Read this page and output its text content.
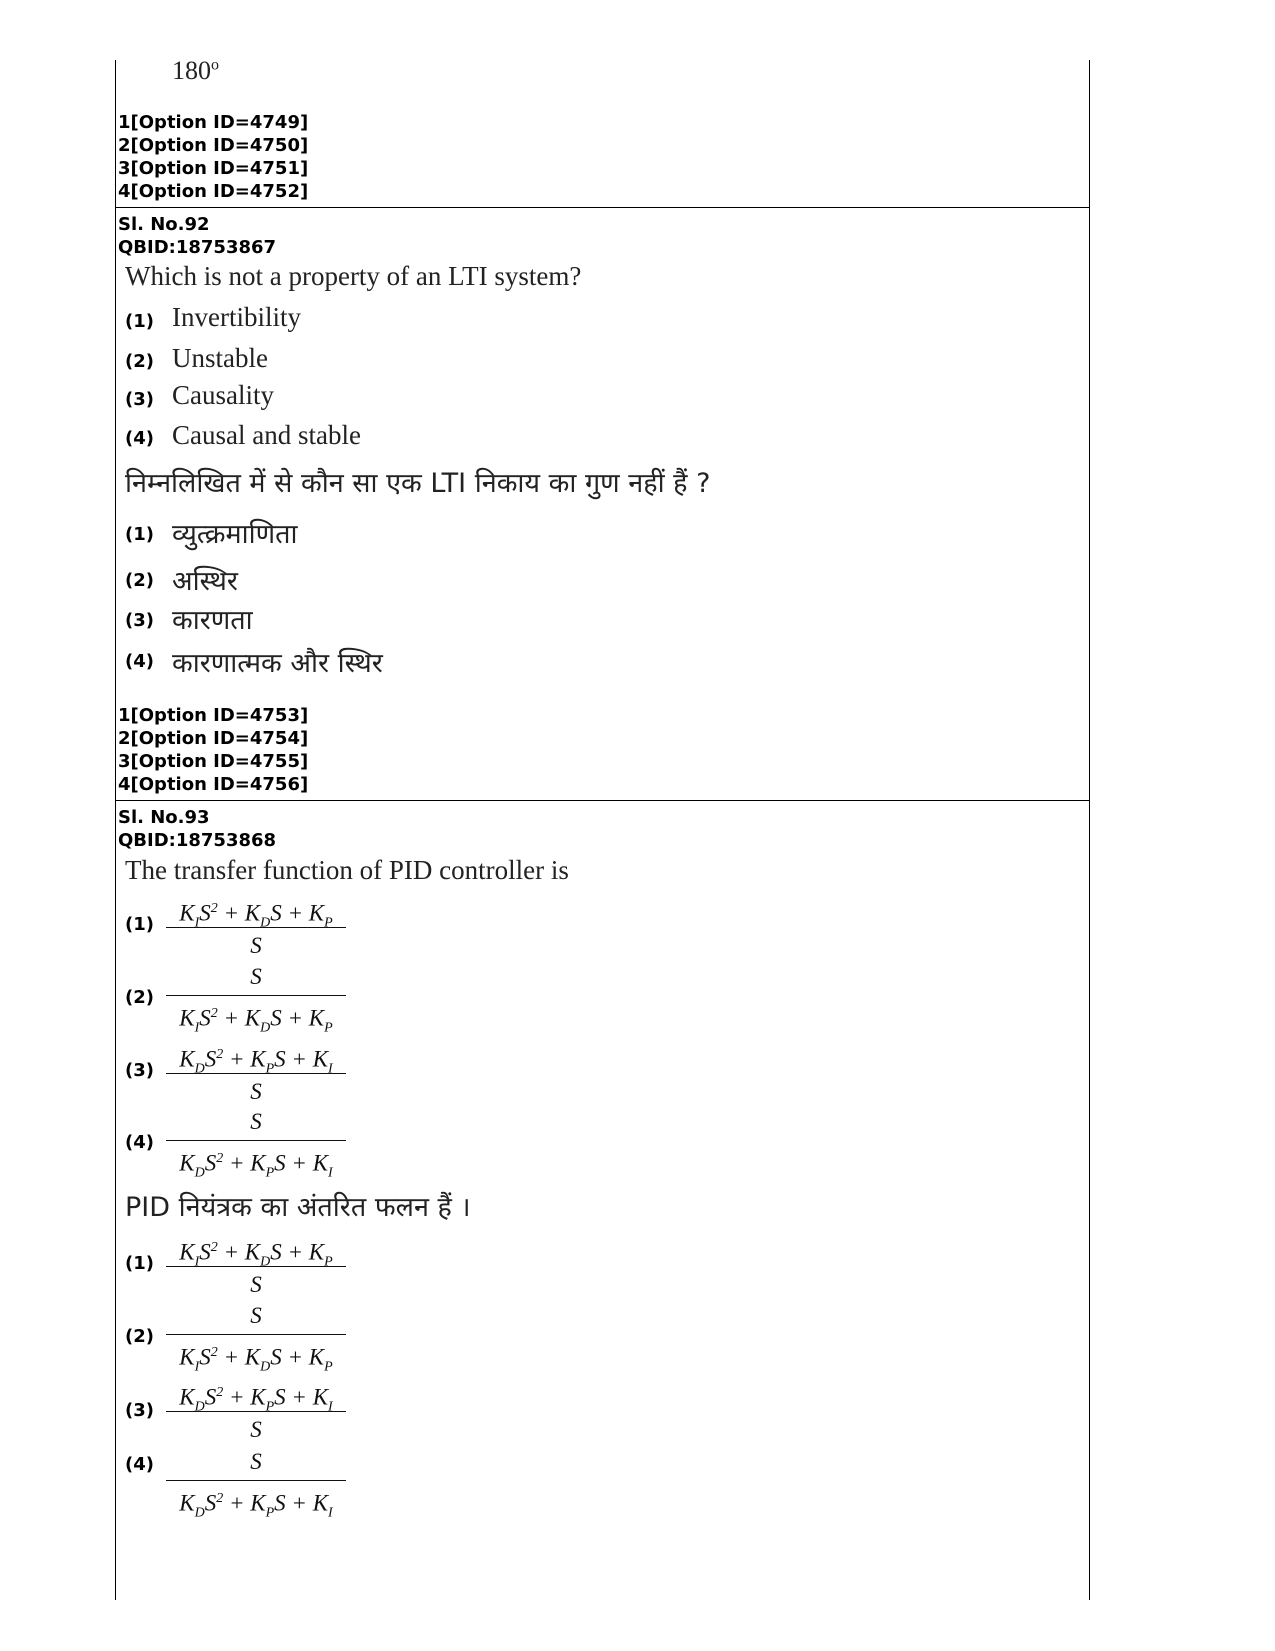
180$^o$
1[Option ID=4749]
2[Option ID=4750]
3[Option ID=4751]
4[Option ID=4752]
Sl. No.92
QBID:18753867
Which is not a property of an LTI system?
(1) Invertibility
(2) Unstable
(3) Causality
(4) Causal and stable
निम्नलिखित में से कौन सा एक LTI निकाय का गुण नहीं हैं ?
(1) व्युत्क्रमाणिता
(2) अस्थिर
(3) कारणता
(4) कारणात्मक और स्थिर
1[Option ID=4753]
2[Option ID=4754]
3[Option ID=4755]
4[Option ID=4756]
Sl. No.93
QBID:18753868
The transfer function of PID controller is
(1)	$K_IS^2 + K_DS + K_P$
S
(2)
S
$K_IS^2 + K_DS + K_P$
(3)	$K_DS^2 + K_PS + K_I$
S
(4)
S
$K_DS^2 + K_PS + K_I$
PID नियंत्रक का अंतरित फलन हैं ।
(1)	$K_IS^2 + K_DS + K_P$
S
(2)
S
$K_IS^2 + K_DS + K_P$
(3)
$K_DS^2 + K_PS + K_I$
S
(4)	S
$K_DS^2 + K_PS + K_I$
